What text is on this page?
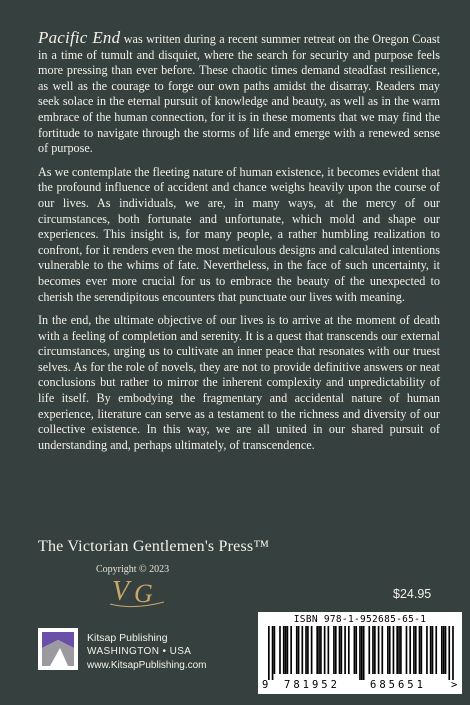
Pacific End was written during a recent summer retreat on the Oregon Coast in a time of tumult and disquiet, where the search for security and purpose feels more pressing than ever before. These chaotic times demand steadfast resilience, as well as the courage to forge our own paths amidst the disarray. Readers may seek solace in the eternal pursuit of knowledge and beauty, as well as in the warm embrace of the human connection, for it is in these moments that we may find the fortitude to navigate through the storms of life and emerge with a renewed sense of purpose.

As we contemplate the fleeting nature of human existence, it becomes evident that the profound influence of accident and chance weighs heavily upon the course of our lives. As individuals, we are, in many ways, at the mercy of our circumstances, both fortunate and unfortunate, which mold and shape our experiences. This insight is, for many people, a rather humbling realization to confront, for it renders even the most meticulous designs and calculated intentions vulnerable to the whims of fate. Nevertheless, in the face of such uncertainty, it becomes ever more crucial for us to embrace the beauty of the unexpected to cherish the serendipitous encounters that punctuate our lives with meaning.

In the end, the ultimate objective of our lives is to arrive at the moment of death with a feeling of completion and serenity. It is a quest that transcends our external circumstances, urging us to cultivate an inner peace that resonates with our truest selves. As for the role of novels, they are not to provide definitive answers or neat conclusions but rather to mirror the inherent complexity and unpredictability of life itself. By embodying the fragmentary and accidental nature of human experience, literature can serve as a testament to the richness and diversity of our collective existence. In this way, we are all united in our shared pursuit of understanding and, perhaps ultimately, of transcendence.

The Victorian Gentlemen's Press™
Copyright © 2023
V G	$24.95
Kitsap Publishing
WASHINGTON • USA
www.KitsapPublishing.com
ISBN 978-1-952685-65-1
9 781952	685651 >
